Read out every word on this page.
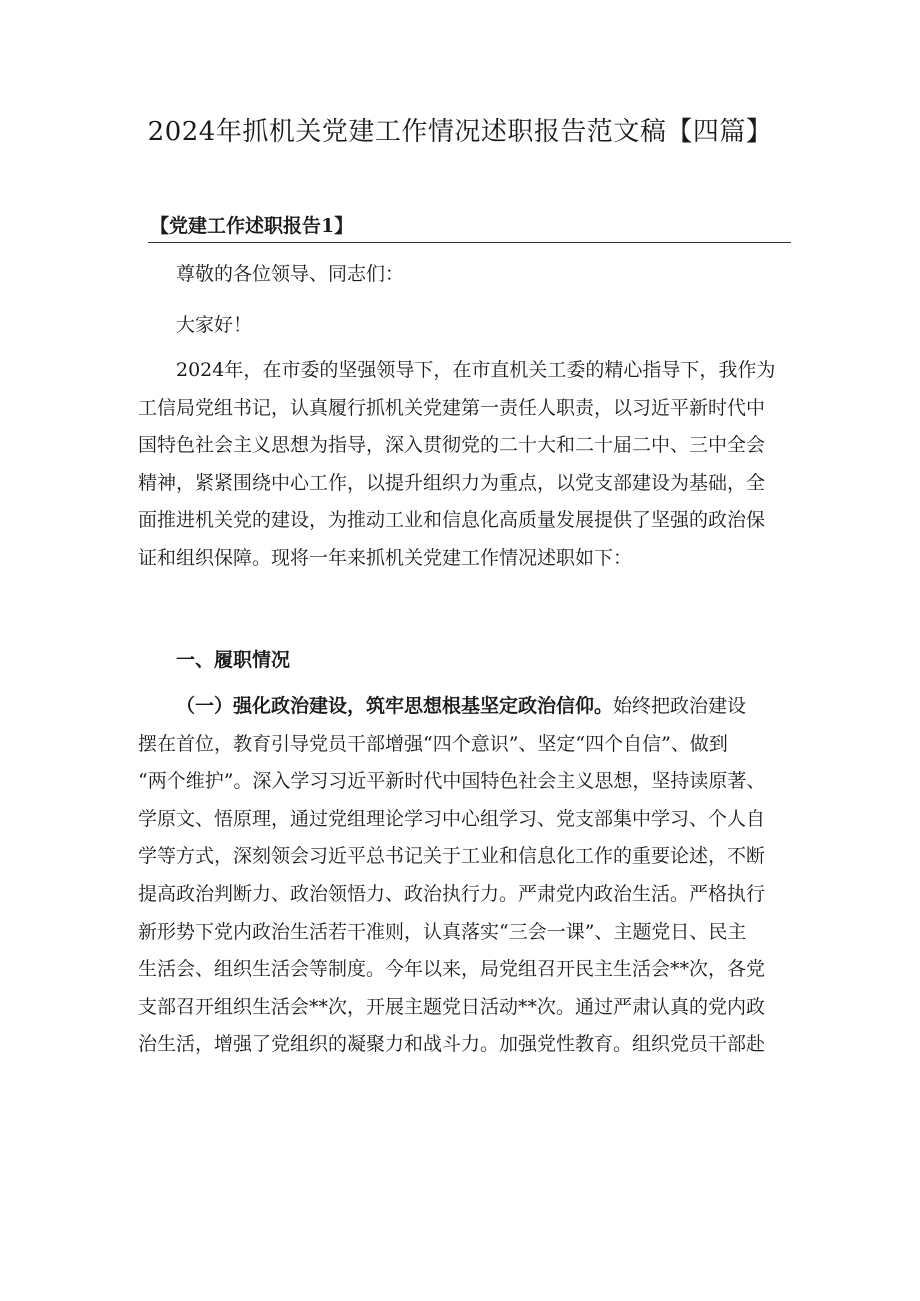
2024年抓机关党建工作情况述职报告范文稿【四篇】
【党建工作述职报告1】
尊敬的各位领导、同志们：
大家好！
2024年，在市委的坚强领导下，在市直机关工委的精心指导下，我作为
工信局党组书记，认真履行抓机关党建第一责任人职责，以习近平新时代中
国特色社会主义思想为指导，深入贯彻党的二十大和二十届二中、三中全会
精神，紧紧围绕中心工作，以提升组织力为重点，以党支部建设为基础，全
面推进机关党的建设，为推动工业和信息化高质量发展提供了坚强的政治保
证和组织保障。现将一年来抓机关党建工作情况述职如下：
一、履职情况
（一）强化政治建设，筑牢思想根基坚定政治信仰。始终把政治建设
摆在首位，教育引导党员干部增强“四个意识”、坚定“四个自信”、做到
“两个维护”。深入学习习近平新时代中国特色社会主义思想，坚持读原著、
学原文、悟原理，通过党组理论学习中心组学习、党支部集中学习、个人自
学等方式，深刻领会习近平总书记关于工业和信息化工作的重要论述，不断
提高政治判断力、政治领悟力、政治执行力。严肃党内政治生活。严格执行
新形势下党内政治生活若干准则，认真落实“三会一课”、主题党日、民主
生活会、组织生活会等制度。今年以来，局党组召开民主生活会**次，各党
支部召开组织生活会**次，开展主题党日活动**次。通过严肃认真的党内政
治生活，增强了党组织的凝聚力和战斗力。加强党性教育。组织党员干部赴
